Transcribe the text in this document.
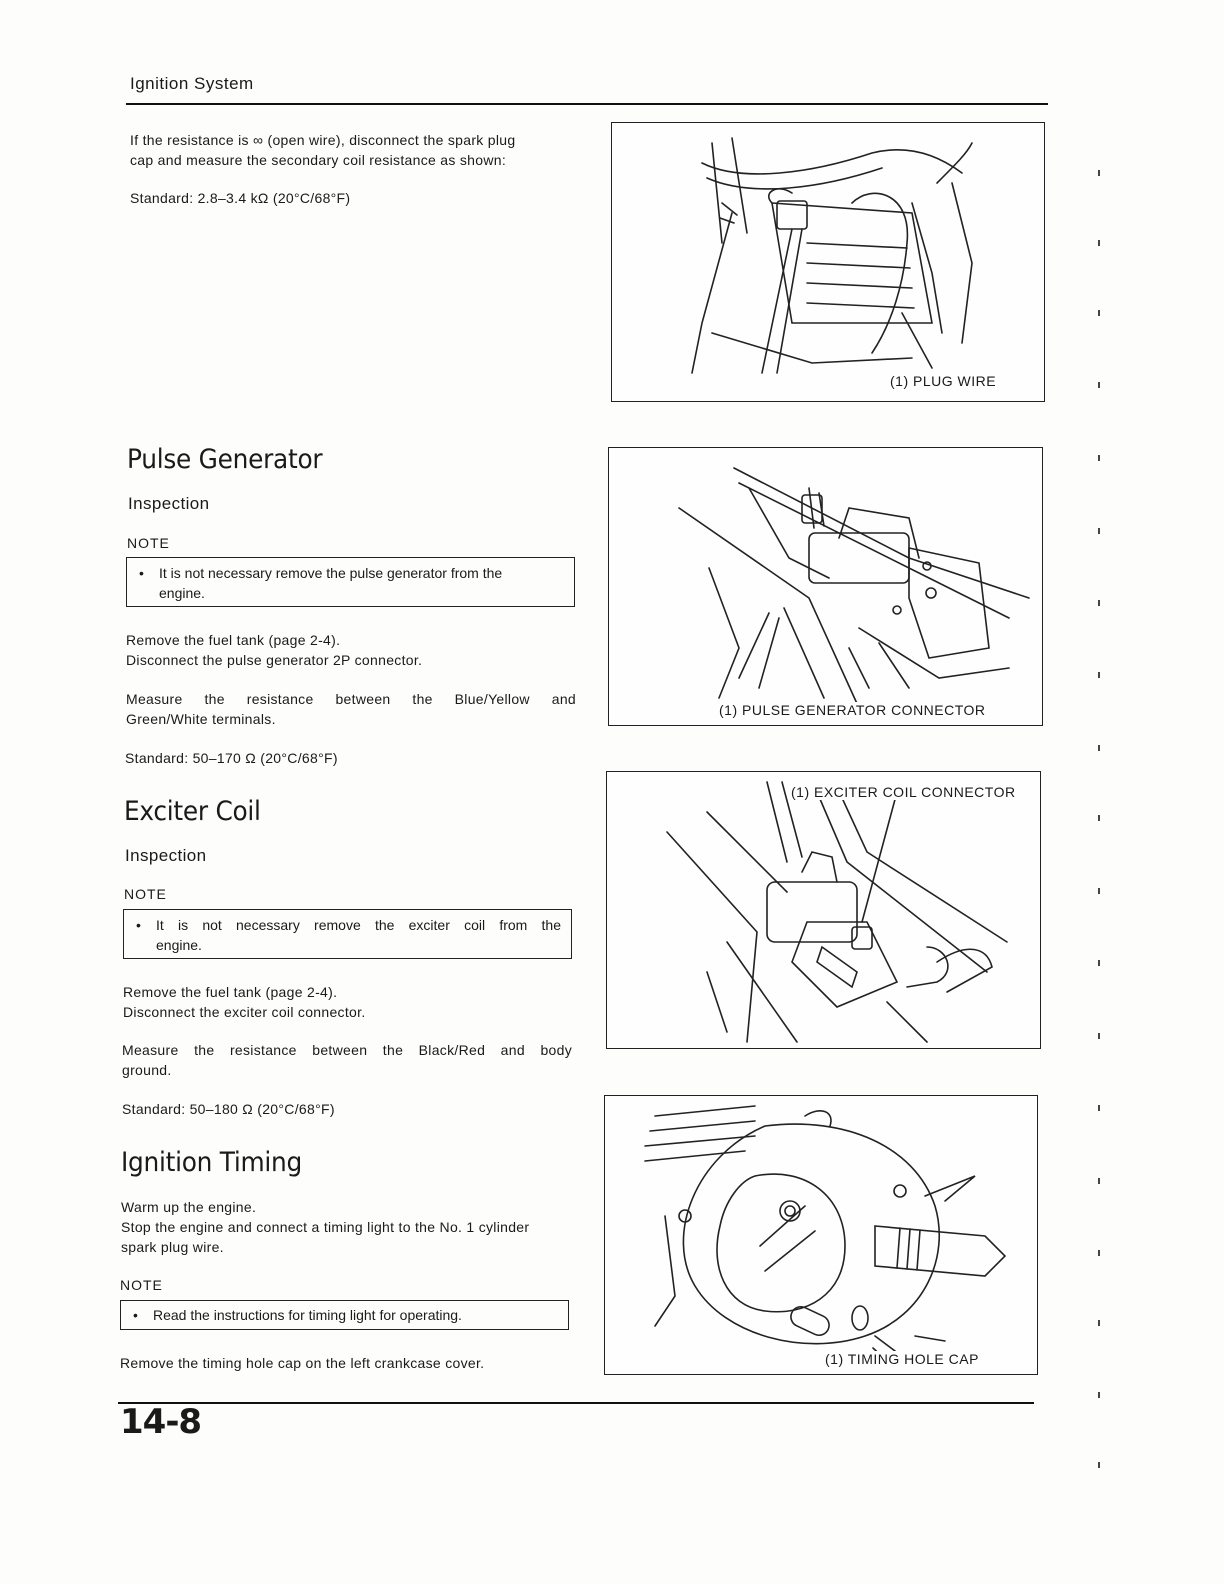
Ignition System
If the resistance is ∞ (open wire), disconnect the spark plug
cap and measure the secondary coil resistance as shown:
Standard: 2.8–3.4 kΩ (20°C/68°F)
(1) PLUG WIRE
Pulse Generator
Inspection
NOTE
• It is not necessary remove the pulse generator from the
engine.
Remove the fuel tank (page 2-4).
Disconnect the pulse generator 2P connector.
Measure the resistance between the Blue/Yellow and
Green/White terminals.
Standard: 50–170 Ω (20°C/68°F)
(1) PULSE GENERATOR CONNECTOR
Exciter Coil
Inspection
NOTE
• It is not necessary remove the exciter coil from the
engine.
Remove the fuel tank (page 2-4).
Disconnect the exciter coil connector.
Measure the resistance between the Black/Red and body
ground.
Standard: 50–180 Ω (20°C/68°F)
(1) EXCITER COIL CONNECTOR
Ignition Timing
Warm up the engine.
Stop the engine and connect a timing light to the No. 1 cylinder
spark plug wire.
NOTE
• Read the instructions for timing light for operating.
Remove the timing hole cap on the left crankcase cover.	(1) TIMING HOLE CAP
14-8
